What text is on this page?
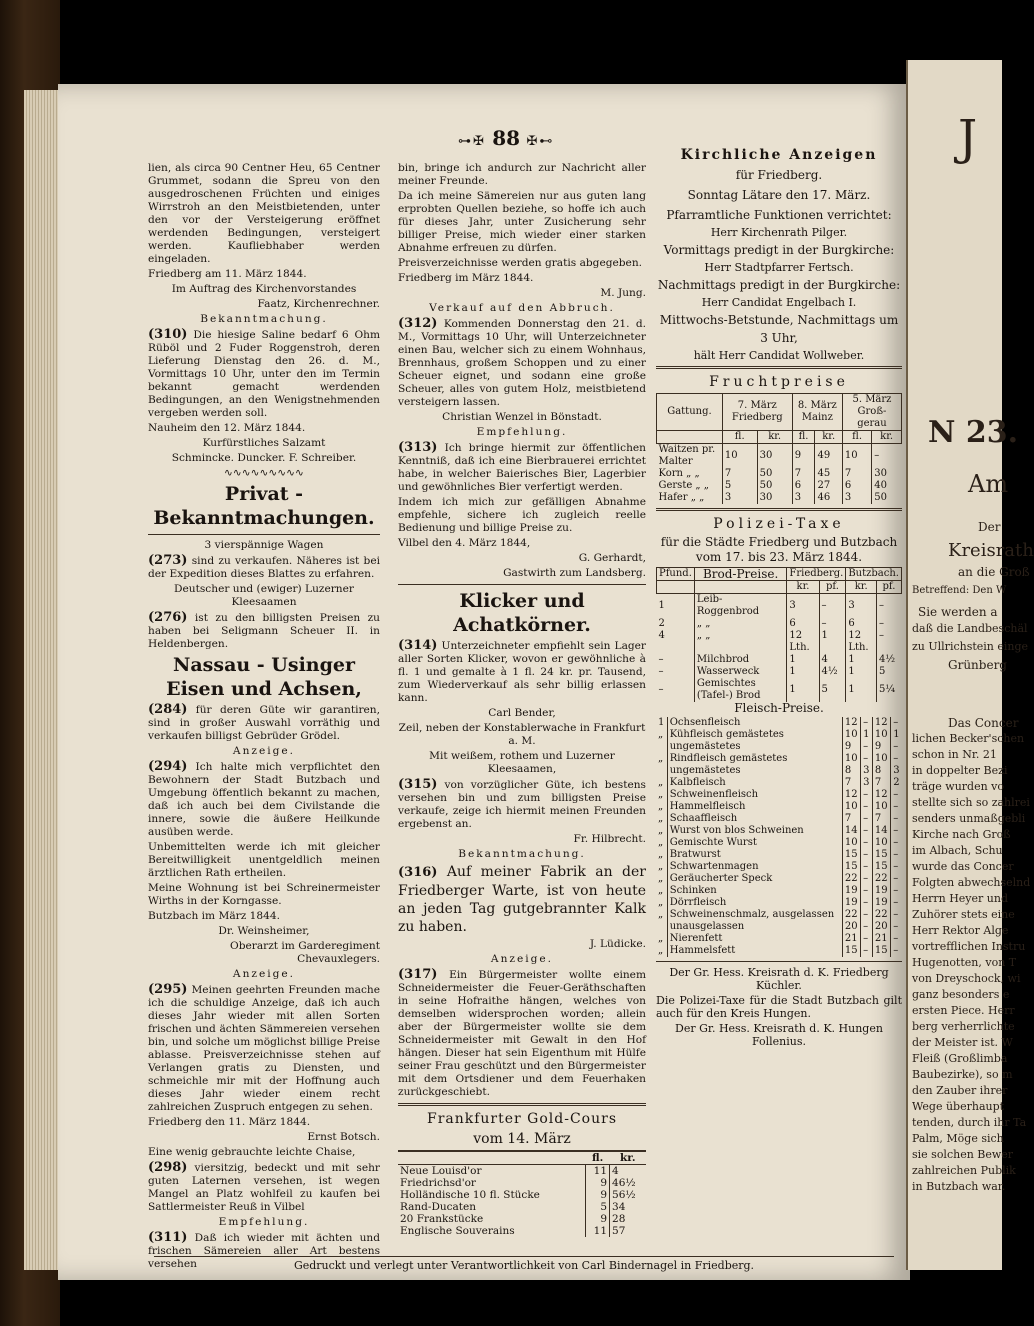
⊶✠ 88 ✠⊷

lien, als circa 90 Centner Heu, 65 Centner Grummet, sodann die Spreu von den ausgedroschenen Früchten und einiges Wirrstroh an den Meistbietenden, unter den vor der Versteigerung eröffnet werdenden Bedingungen, versteigert werden. Kaufliebhaber werden eingeladen.

Friedberg am 11. März 1844.

Im Auftrag des Kirchenvorstandes

Faatz, Kirchenrechner.

Bekanntmachung.

(310) Die hiesige Saline bedarf 6 Ohm Rüböl und 2 Fuder Roggenstroh, deren Lieferung Dienstag den 26. d. M., Vormittags 10 Uhr, unter den im Termin bekannt gemacht werdenden Bedingungen, an den Wenigstnehmenden vergeben werden soll.

Nauheim den 12. März 1844.

Kurfürstliches Salzamt

Schmincke. Duncker. F. Schreiber.

∿∿∿∿∿∿∿∿∿

Privat - Bekanntmachungen.

3 vierspännige Wagen

(273) sind zu verkaufen. Näheres ist bei der Expedition dieses Blattes zu erfahren.

Deutscher und (ewiger) Luzerner Kleesaamen

(276) ist zu den billigsten Preisen zu haben bei Seligmann Scheuer II. in Heldenbergen.

Nassau - Usinger Eisen und Achsen,

(284) für deren Güte wir garantiren, sind in großer Auswahl vorräthig und verkaufen billigst Gebrüder Grödel.

Anzeige.

(294) Ich halte mich verpflichtet den Bewohnern der Stadt Butzbach und Umgebung öffentlich bekannt zu machen, daß ich auch bei dem Civilstande die innere, sowie die äußere Heilkunde ausüben werde.

Unbemittelten werde ich mit gleicher Bereitwilligkeit unentgeldlich meinen ärztlichen Rath ertheilen.

Meine Wohnung ist bei Schreinermeister Wirths in der Korngasse.

Butzbach im März 1844.

Dr. Weinsheimer,

Oberarzt im Garderegiment Chevauxlegers.

Anzeige.

(295) Meinen geehrten Freunden mache ich die schuldige Anzeige, daß ich auch dieses Jahr wieder mit allen Sorten frischen und ächten Sämmereien versehen bin, und solche um möglichst billige Preise ablasse. Preisverzeichnisse stehen auf Verlangen gratis zu Diensten, und schmeichle mir mit der Hoffnung auch dieses Jahr wieder einem recht zahlreichen Zuspruch entgegen zu sehen.

Friedberg den 11. März 1844.

Ernst Botsch.

Eine wenig gebrauchte leichte Chaise,

(298) viersitzig, bedeckt und mit sehr guten Laternen versehen, ist wegen Mangel an Platz wohlfeil zu kaufen bei Sattlermeister Reuß in Vilbel

Empfehlung.

(311) Daß ich wieder mit ächten und frischen Sämereien aller Art bestens versehen

bin, bringe ich andurch zur Nachricht aller meiner Freunde.

Da ich meine Sämereien nur aus guten lang erprobten Quellen beziehe, so hoffe ich auch für dieses Jahr, unter Zusicherung sehr billiger Preise, mich wieder einer starken Abnahme erfreuen zu dürfen.

Preisverzeichnisse werden gratis abgegeben.

Friedberg im März 1844.

M. Jung.

Verkauf auf den Abbruch.

(312) Kommenden Donnerstag den 21. d. M., Vormittags 10 Uhr, will Unterzeichneter einen Bau, welcher sich zu einem Wohnhaus, Brennhaus, großem Schoppen und zu einer Scheuer eignet, und sodann eine große Scheuer, alles von gutem Holz, meistbietend versteigern lassen.

Christian Wenzel in Bönstadt.

Empfehlung.

(313) Ich bringe hiermit zur öffentlichen Kenntniß, daß ich eine Bierbrauerei errichtet habe, in welcher Baierisches Bier, Lagerbier und gewöhnliches Bier verfertigt werden.

Indem ich mich zur gefälligen Abnahme empfehle, sichere ich zugleich reelle Bedienung und billige Preise zu.

Vilbel den 4. März 1844,

G. Gerhardt,

Gastwirth zum Landsberg.

Klicker und Achatkörner.

(314) Unterzeichneter empfiehlt sein Lager aller Sorten Klicker, wovon er gewöhnliche à fl. 1 und gemalte à 1 fl. 24 kr. pr. Tausend, zum Wiederverkauf als sehr billig erlassen kann.

Carl Bender,

Zeil, neben der Konstablerwache in Frankfurt a. M.

Mit weißem, rothem und Luzerner Kleesaamen,

(315) von vorzüglicher Güte, ich bestens versehen bin und zum billigsten Preise verkaufe, zeige ich hiermit meinen Freunden ergebenst an.

Fr. Hilbrecht.

Bekanntmachung.

(316) Auf meiner Fabrik an der Friedberger Warte, ist von heute an jeden Tag gutgebrannter Kalk zu haben.

J. Lüdicke.

Anzeige.

(317) Ein Bürgermeister wollte einem Schneidermeister die Feuer-Geräthschaften in seine Hofraithe hängen, welches von demselben widersprochen worden; allein aber der Bürgermeister wollte sie dem Schneidermeister mit Gewalt in den Hof hängen. Dieser hat sein Eigenthum mit Hülfe seiner Frau geschützt und den Bürgermeister mit dem Ortsdiener und dem Feuerhaken zurückgeschiebt.

Frankfurter Gold-Cours

vom 14. März

	fl.	kr.
Neue Louisd'or	11	4
Friedrichsd'or	9	46½
Holländische 10 fl. Stücke	9	56½
Rand-Ducaten	5	34
20 Frankstücke	9	28
Englische Souverains	11	57

Kirchliche Anzeigen

für Friedberg.

Sonntag Lätare den 17. März.

Pfarramtliche Funktionen verrichtet:

Herr Kirchenrath Pilger.

Vormittags predigt in der Burgkirche:

Herr Stadtpfarrer Fertsch.

Nachmittags predigt in der Burgkirche:

Herr Candidat Engelbach I.

Mittwochs-Betstunde, Nachmittags um 3 Uhr,

hält Herr Candidat Wollweber.

Fruchtpreise

Gattung.	7. März Friedberg		8. März Mainz		5. März Groß-gerau	
	fl.	kr.	fl.	kr.	fl.	kr.
Waitzen pr. Malter	10	30	9	49	10	–
Korn „ „	7	50	7	45	7	30
Gerste „ „	5	50	6	27	6	40
Hafer „ „	3	30	3	46	3	50

Polizei-Taxe

für die Städte Friedberg und Butzbach vom 17. bis 23. März 1844.

Pfund.	Brod-Preise.	Friedberg.		Butzbach.	
		kr.	pf.	kr.	pf.
1	Leib-Roggenbrod	3	–	3	–
2	„ „	6	–	6	–
4	„ „	12	1	12	–
		Lth.		Lth.	
–	Milchbrod	1	4	1	4½
–	Wasserweck	1	4½	1	5
–	Gemischtes (Tafel-) Brod	1	5	1	5¼

Fleisch-Preise.

1	Ochsenfleisch	12	–	12	–
„	Kühfleisch gemästetes	10	1	10	1
	ungemästetes	9	–	9	–
„	Rindfleisch gemästetes	10	–	10	–
	ungemästetes	8	3	8	3
„	Kalbfleisch	7	3	7	2
„	Schweinenfleisch	12	–	12	–
„	Hammelfleisch	10	–	10	–
„	Schaaffleisch	7	–	7	–
„	Wurst von blos Schweinen	14	–	14	–
„	Gemischte Wurst	10	–	10	–
„	Bratwurst	15	–	15	–
„	Schwartenmagen	15	–	15	–
„	Geräucherter Speck	22	–	22	–
„	Schinken	19	–	19	–
„	Dörrfleisch	19	–	19	–
„	Schweinenschmalz, ausgelassen	22	–	22	–
	unausgelassen	20	–	20	–
„	Nierenfett	21	–	21	–
„	Hammelsfett	15	–	15	–

Der Gr. Hess. Kreisrath d. K. Friedberg Küchler.

Die Polizei-Taxe für die Stadt Butzbach gilt auch für den Kreis Hungen.

Der Gr. Hess. Kreisrath d. K. Hungen Follenius.

Gedruckt und verlegt unter Verantwortlichkeit von Carl Bindernagel in Friedberg.
J
N 23.
Am
Der
Kreisrath
an die Groß
Betreffend: Den W
Sie werden a
daß die Landbeschäl
zu Ullrichstein einge
Grünberg
Das Concer
lichen Becker'schen
schon in Nr. 21
in doppelter Bezi
träge wurden vo
stellte sich so zahlrei
senders unmaßgebli
Kirche nach Groß
im Albach, Schu
wurde das Concer
Folgten abwechselnd
Herrn Heyer und
Zuhörer stets eine
Herr Rektor Alge
vortrefflichen Instru
Hugenotten, von T
von Dreyschock, wi
ganz besonders e
ersten Piece. Herr
berg verherrlichte
der Meister ist. W
Fleiß (Großlimba
Baubezirke), so m
den Zauber ihrer
Wege überhaupt
tenden, durch ihr Ta
Palm, Möge sich
sie solchen Bewer
zahlreichen Publik
in Butzbach war.
